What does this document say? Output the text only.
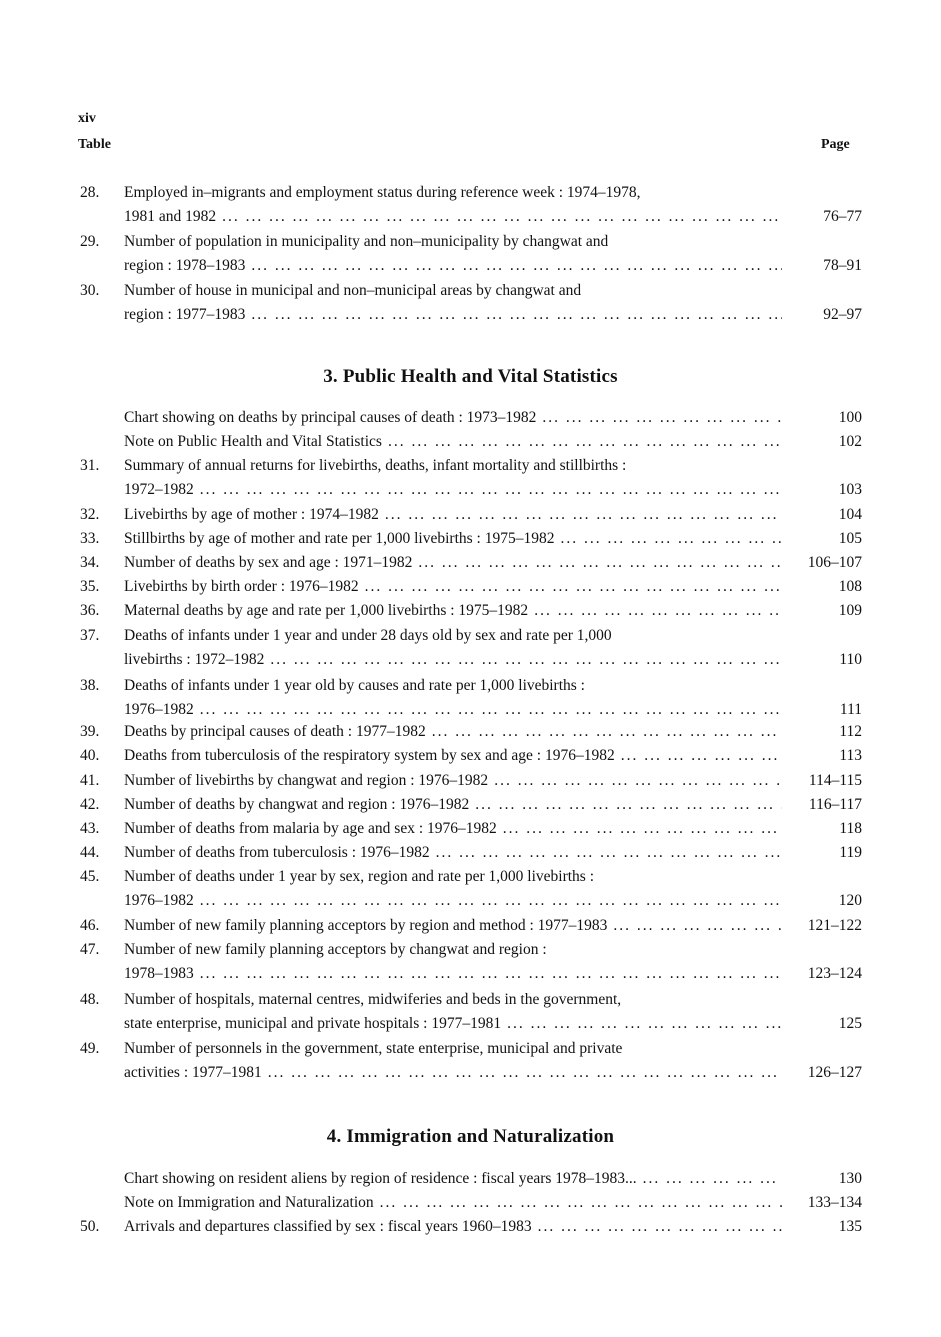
xiv
Table	Page
28.	Employed in–migrants and employment status during reference week : 1974–1978,
1981 and 1982 ... .	76–77
29.	Number of population in municipality and non–municipality by changwat and
region : 1978–1983 ... .	78–91
30.	Number of house in municipal and non–municipal areas by changwat and
region : 1977–1983 ... .	92–97
3. Public Health and Vital Statistics
Chart showing on deaths by principal causes of death : 1973–1982 ... .	100
Note on Public Health and Vital Statistics ... .	102
31.	Summary of annual returns for livebirths, deaths, infant mortality and stillbirths :
1972–1982 ... .	103
32.	Livebirths by age of mother : 1974–1982 ... .	104
33.	Stillbirths by age of mother and rate per 1,000 livebirths : 1975–1982 ... .	105
34.	Number of deaths by sex and age : 1971–1982 ... .	106–107
35.	Livebirths by birth order : 1976–1982 ... .	108
36.	Maternal deaths by age and rate per 1,000 livebirths : 1975–1982 ... .	109
37.	Deaths of infants under 1 year and under 28 days old by sex and rate per 1,000
livebirths : 1972–1982 ... .	110
38.	Deaths of infants under 1 year old by causes and rate per 1,000 livebirths :
1976–1982 ... .	111
39.	Deaths by principal causes of death : 1977–1982 ... .	112
40.	Deaths from tuberculosis of the respiratory system by sex and age : 1976–1982 ... .	113
41.	Number of livebirths by changwat and region : 1976–1982 ... .	114–115
42.	Number of deaths by changwat and region : 1976–1982 ... .	116–117
43.	Number of deaths from malaria by age and sex : 1976–1982 ... .	118
44.	Number of deaths from tuberculosis : 1976–1982 ... .	119
45.	Number of deaths under 1 year by sex, region and rate per 1,000 livebirths :
1976–1982 ... .	120
46.	Number of new family planning acceptors by region and method : 1977–1983 ... .	121–122
47.	Number of new family planning acceptors by changwat and region :
1978–1983 ... .	123–124
48.	Number of hospitals, maternal centres, midwiferies and beds in the government,
state enterprise, municipal and private hospitals : 1977–1981 ... .	125
49.	Number of personnels in the government, state enterprise, municipal and private
activities : 1977–1981 ... .	126–127
4. Immigration and Naturalization
Chart showing on resident aliens by region of residence : fiscal years 1978–1983... ... .	130
Note on Immigration and Naturalization ... .	133–134
50.	Arrivals and departures classified by sex : fiscal years 1960–1983 ... .	135
